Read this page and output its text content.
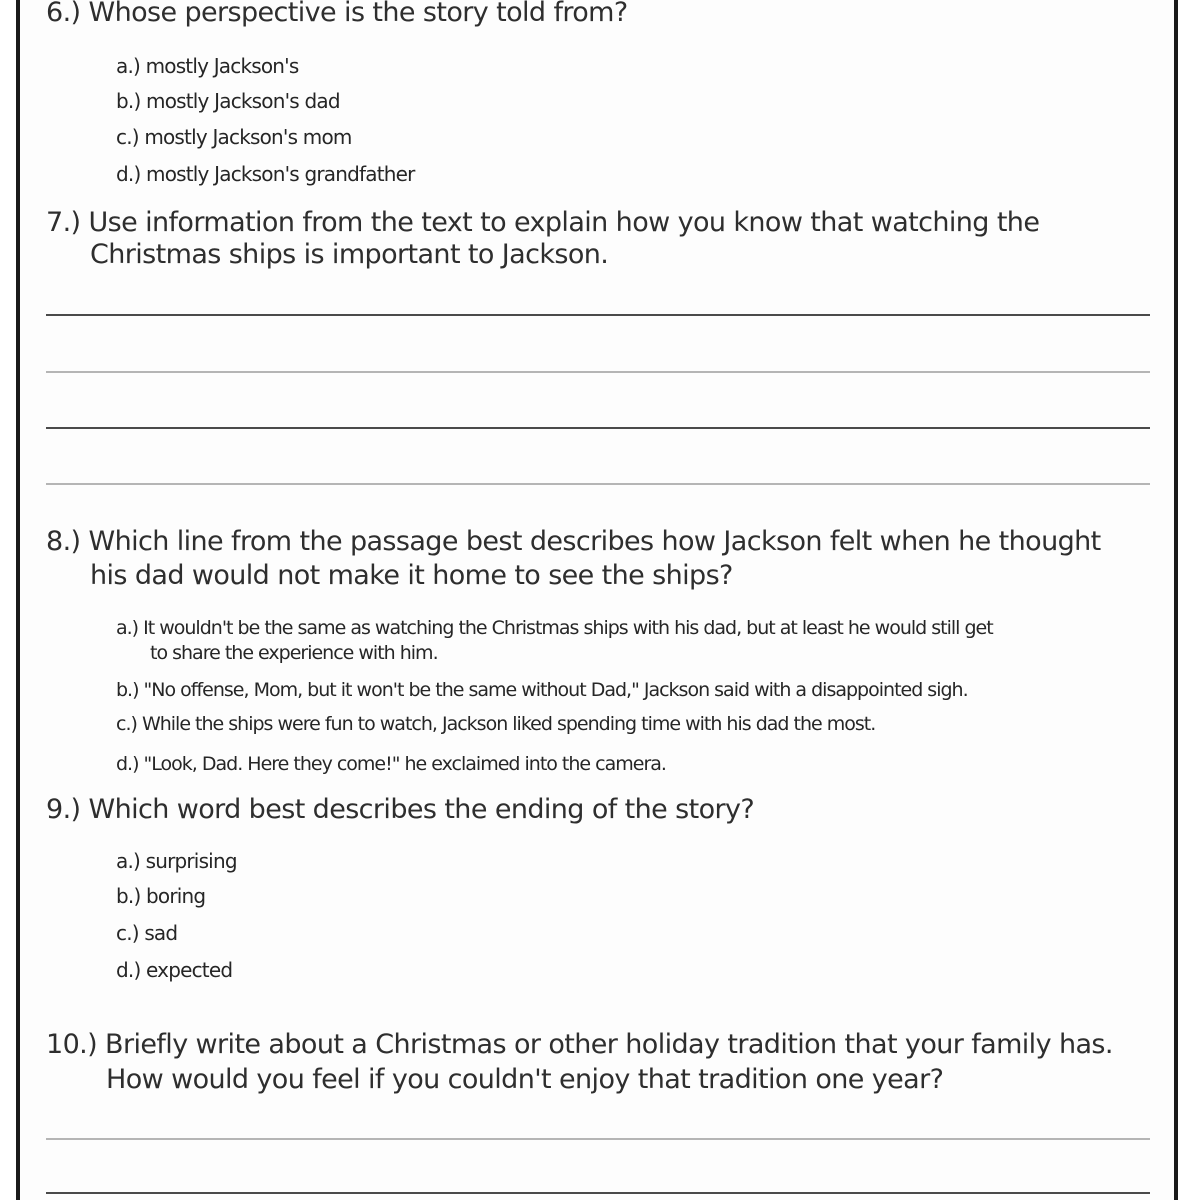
6.) Whose perspective is the story told from?
a.) mostly Jackson's
b.) mostly Jackson's dad
c.) mostly Jackson's mom
d.) mostly Jackson's grandfather
7.) Use information from the text to explain how you know that watching the
Christmas ships is important to Jackson.
8.) Which line from the passage best describes how Jackson felt when he thought
his dad would not make it home to see the ships?
a.) It wouldn't be the same as watching the Christmas ships with his dad, but at least he would still get
to share the experience with him.
b.) "No offense, Mom, but it won't be the same without Dad," Jackson said with a disappointed sigh.
c.) While the ships were fun to watch, Jackson liked spending time with his dad the most.
d.) "Look, Dad. Here they come!" he exclaimed into the camera.
9.) Which word best describes the ending of the story?
a.) surprising
b.) boring
c.) sad
d.) expected
10.) Briefly write about a Christmas or other holiday tradition that your family has.
How would you feel if you couldn't enjoy that tradition one year?
